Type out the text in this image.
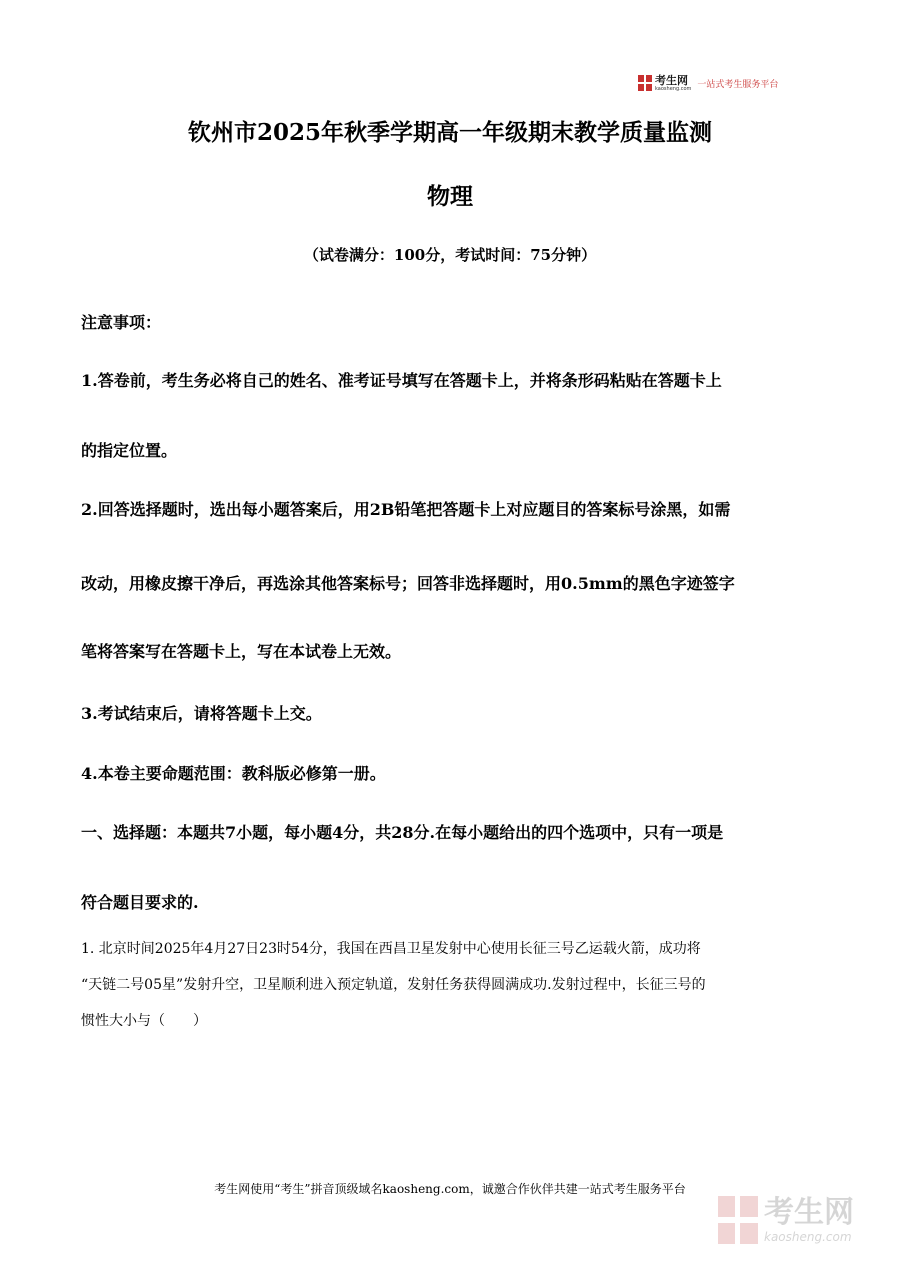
考生网
kaosheng.com 一站式考生服务平台
钦州市2025年秋季学期高一年级期末教学质量监测
物理
（试卷满分：100分，考试时间：75分钟）
注意事项：
1.答卷前，考生务必将自己的姓名、准考证号填写在答题卡上，并将条形码粘贴在答题卡上
的指定位置。
2.回答选择题时，选出每小题答案后，用2B铅笔把答题卡上对应题目的答案标号涂黑，如需
改动，用橡皮擦干净后，再选涂其他答案标号；回答非选择题时，用0.5mm的黑色字迹签字
笔将答案写在答题卡上，写在本试卷上无效。
3.考试结束后，请将答题卡上交。
4.本卷主要命题范围：教科版必修第一册。
一、选择题：本题共7小题，每小题4分，共28分.在每小题给出的四个选项中，只有一项是
符合题目要求的.
1. 北京时间2025年4月27日23时54分，我国在西昌卫星发射中心使用长征三号乙运载火箭，成功将
“天链二号05星”发射升空，卫星顺利进入预定轨道，发射任务获得圆满成功.发射过程中，长征三号的
惯性大小与（　　）
考生网使用“考生”拼音顶级域名kaosheng.com，诚邀合作伙伴共建一站式考生服务平台
考生网
kaosheng.com
